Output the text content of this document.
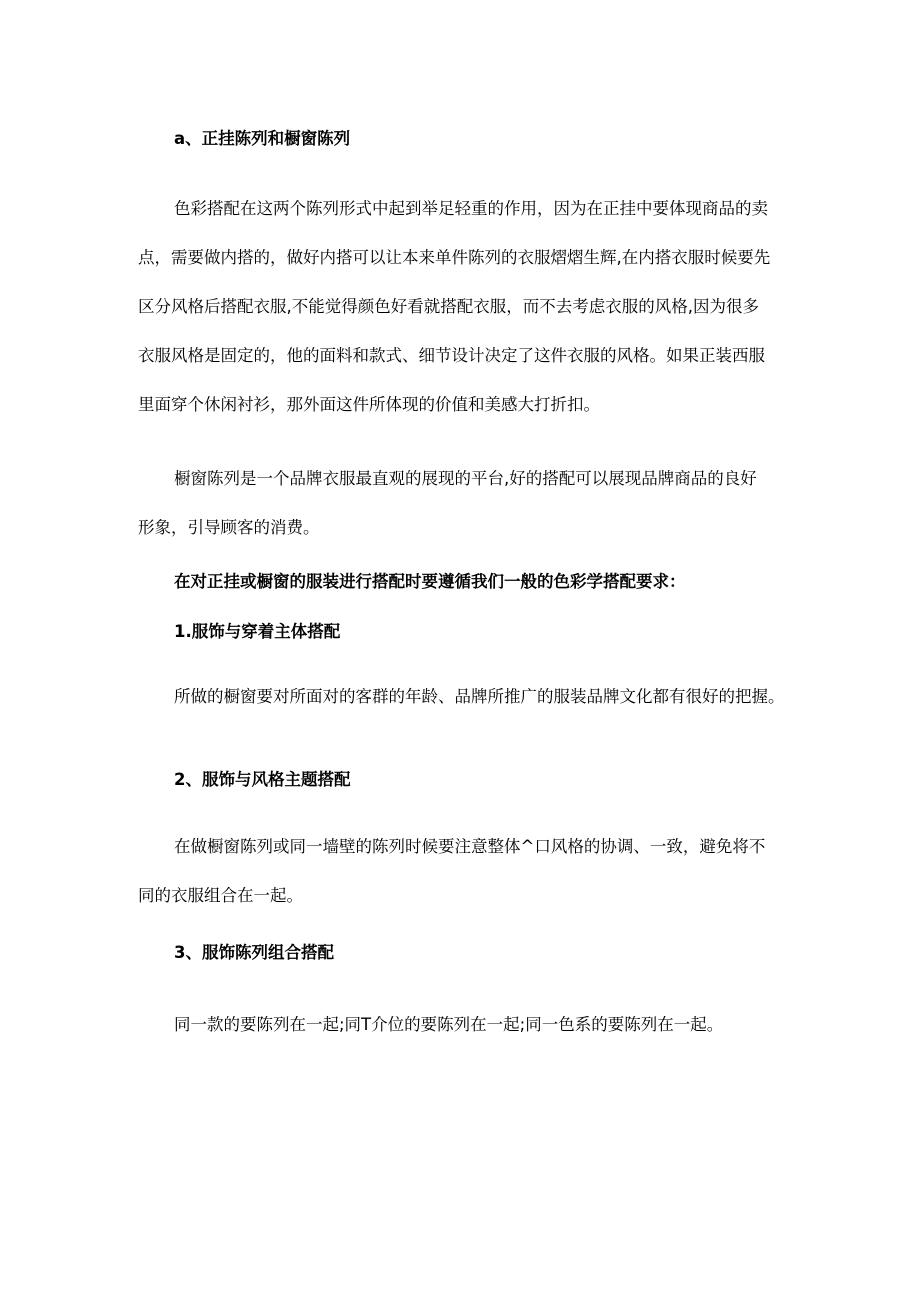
a、正挂陈列和橱窗陈列
色彩搭配在这两个陈列形式中起到举足轻重的作用，因为在正挂中要体现商品的卖
点，需要做内搭的，做好内搭可以让本来单件陈列的衣服熠熠生辉,在内搭衣服时候要先
区分风格后搭配衣服,不能觉得颜色好看就搭配衣服，而不去考虑衣服的风格,因为很多
衣服风格是固定的，他的面料和款式、细节设计决定了这件衣服的风格。如果正装西服
里面穿个休闲衬衫，那外面这件所体现的价值和美感大打折扣。
橱窗陈列是一个品牌衣服最直观的展现的平台,好的搭配可以展现品牌商品的良好
形象，引导顾客的消费。
在对正挂或橱窗的服装进行搭配时要遵循我们一般的色彩学搭配要求：
1.服饰与穿着主体搭配
所做的橱窗要对所面对的客群的年龄、品牌所推广的服装品牌文化都有很好的把握。
2、服饰与风格主题搭配
在做橱窗陈列或同一墙壁的陈列时候要注意整体^口风格的协调、一致，避免将不
同的衣服组合在一起。
3、服饰陈列组合搭配
同一款的要陈列在一起;同T介位的要陈列在一起;同一色系的要陈列在一起。
